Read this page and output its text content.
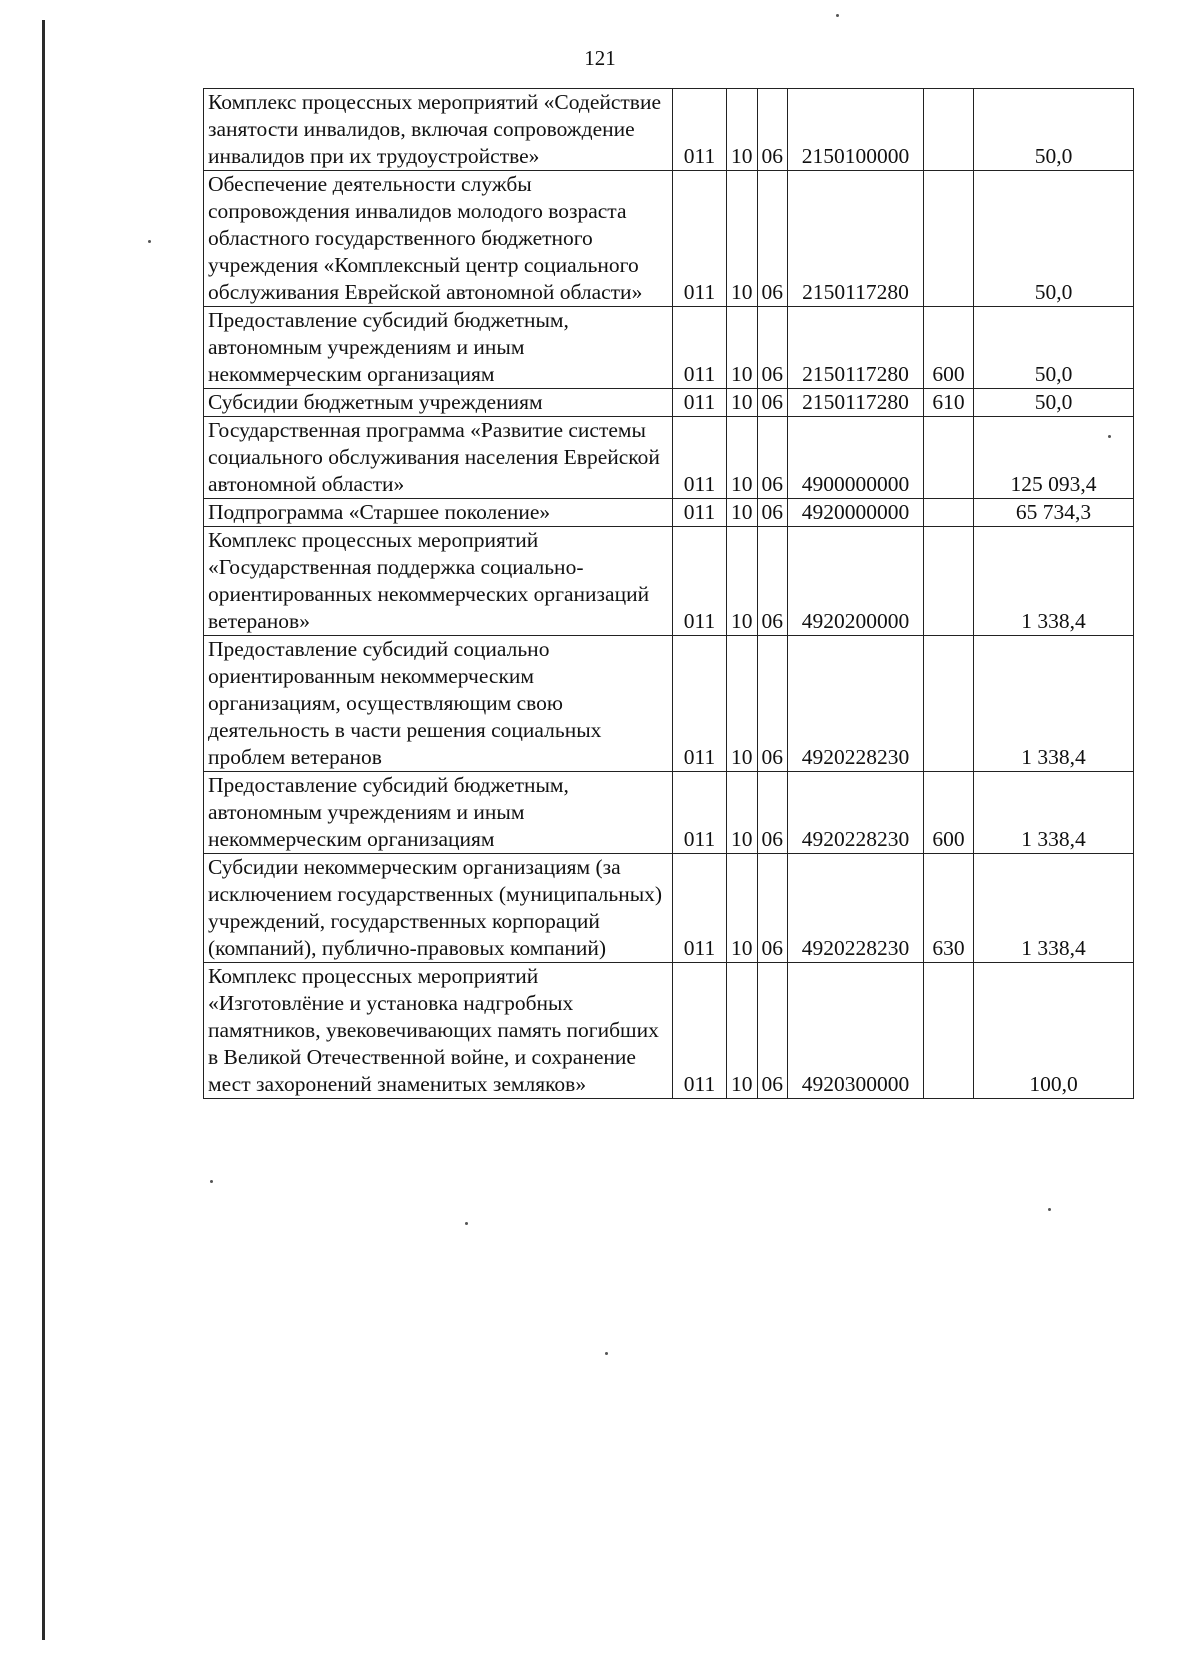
121
Комплекс процессных мероприятий «Содействие занятости инвалидов, включая сопровождение инвалидов при их трудоустройстве»	011	10	06	2150100000		50,0
Обеспечение деятельности службы сопровождения инвалидов молодого возраста областного государственного бюджетного учреждения «Комплексный центр социального обслуживания Еврейской автономной области»	011	10	06	2150117280		50,0
Предоставление субсидий бюджетным, автономным учреждениям и иным некоммерческим организациям	011	10	06	2150117280	600	50,0
Субсидии бюджетным учреждениям	011	10	06	2150117280	610	50,0
Государственная программа «Развитие системы социального обслуживания населения Еврейской автономной области»	011	10	06	4900000000		125 093,4
Подпрограмма «Старшее поколение»	011	10	06	4920000000		65 734,3
Комплекс процессных мероприятий «Государственная поддержка социально-ориентированных некоммерческих организаций ветеранов»	011	10	06	4920200000		1 338,4
Предоставление субсидий социально ориентированным некоммерческим организациям, осуществляющим свою деятельность в части решения социальных проблем ветеранов	011	10	06	4920228230		1 338,4
Предоставление субсидий бюджетным, автономным учреждениям и иным некоммерческим организациям	011	10	06	4920228230	600	1 338,4
Субсидии некоммерческим организациям (за исключением государственных (муниципальных) учреждений, государственных корпораций (компаний), публично-правовых компаний)	011	10	06	4920228230	630	1 338,4
Комплекс процессных мероприятий «Изготовлёние и установка надгробных памятников, увековечивающих память погибших в Великой Отечественной войне, и сохранение мест захоронений знаменитых земляков»	011	10	06	4920300000		100,0
